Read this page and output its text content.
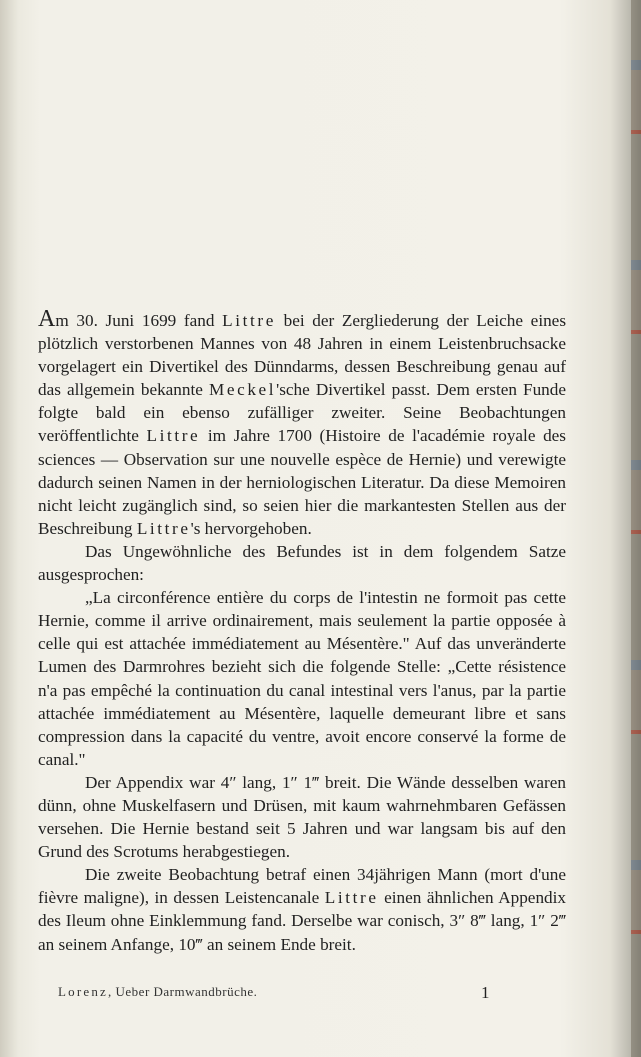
Am 30. Juni 1699 fand Littre bei der Zergliederung der Leiche eines plötzlich verstorbenen Mannes von 48 Jahren in einem Leistenbruchsacke vorgelagert ein Divertikel des Dünndarms, dessen Beschreibung genau auf das allgemein bekannte Meckel'sche Divertikel passt. Dem ersten Funde folgte bald ein ebenso zufälliger zweiter. Seine Beobachtungen veröffentlichte Littre im Jahre 1700 (Histoire de l'académie royale des sciences — Observation sur une nouvelle espèce de Hernie) und verewigte dadurch seinen Namen in der herniologischen Literatur. Da diese Memoiren nicht leicht zugänglich sind, so seien hier die markantesten Stellen aus der Beschreibung Littre's hervorgehoben.

Das Ungewöhnliche des Befundes ist in dem folgendem Satze ausgesprochen:

„La circonférence entière du corps de l'intestin ne formoit pas cette Hernie, comme il arrive ordinairement, mais seulement la partie opposée à celle qui est attachée immédiatement au Mésentère." Auf das unveränderte Lumen des Darmrohres bezieht sich die folgende Stelle: „Cette résistence n'a pas empêché la continuation du canal intestinal vers l'anus, par la partie attachée immédiatement au Mésentère, laquelle demeurant libre et sans compression dans la capacité du ventre, avoit encore conservé la forme de canal."

Der Appendix war 4″ lang, 1″ 1‴ breit. Die Wände desselben waren dünn, ohne Muskelfasern und Drüsen, mit kaum wahrnehmbaren Gefässen versehen. Die Hernie bestand seit 5 Jahren und war langsam bis auf den Grund des Scrotums herabgestiegen.

Die zweite Beobachtung betraf einen 34jährigen Mann (mort d'une fièvre maligne), in dessen Leistencanale Littre einen ähnlichen Appendix des Ileum ohne Einklemmung fand. Derselbe war conisch, 3″ 8‴ lang, 1″ 2‴ an seinem Anfange, 10‴ an seinem Ende breit.

Lorenz, Ueber Darmwandbrüche.	1
